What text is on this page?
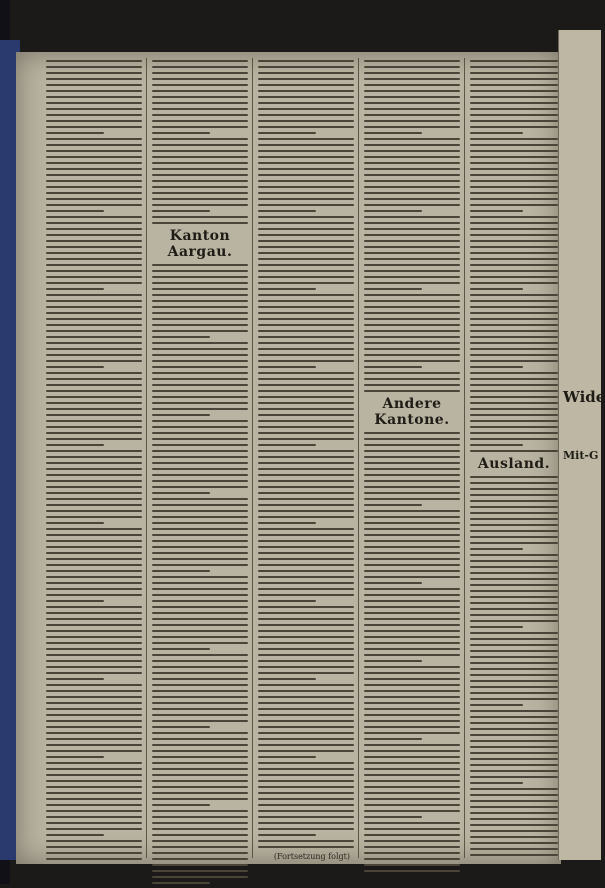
Kanton Aargau.
(Fortsetzung folgt)
Andere Kantone.
Ausland.
Wide
Mit-G
